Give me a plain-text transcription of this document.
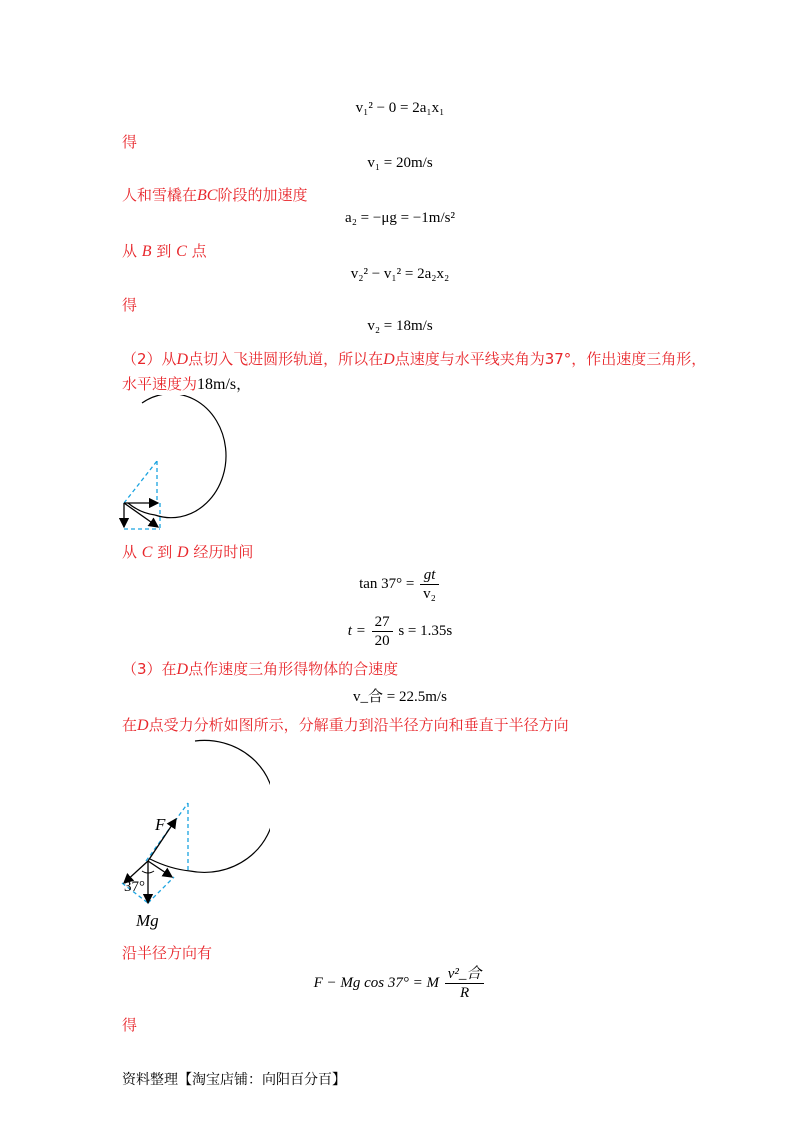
v₁² − 0 = 2a₁x₁
得
v₁ = 20m/s
人和雪橇在BC阶段的加速度
a₂ = −μg = −1m/s²
从 B 到 C 点
v₂² − v₁² = 2a₂x₂
得
v₂ = 18m/s
（2）从D点切入飞进圆形轨道，所以在D点速度与水平线夹角为37°，作出速度三角形，
水平速度为18m/s，
从 C 到 D 经历时间
$\tan 37^\circ = \frac{gt}{\text{v₂}}$
$t = \frac{27}{20}$ s = 1.35s
（3）在D点作速度三角形得物体的合速度
v_合 = 22.5m/s
在D点受力分析如图所示，分解重力到沿半径方向和垂直于半径方向
F
37°
Mg
沿半径方向有
F − Mg cos 37° = M $\frac{\text{v²\_合}}{R}$
得
资料整理【淘宝店铺：向阳百分百】
